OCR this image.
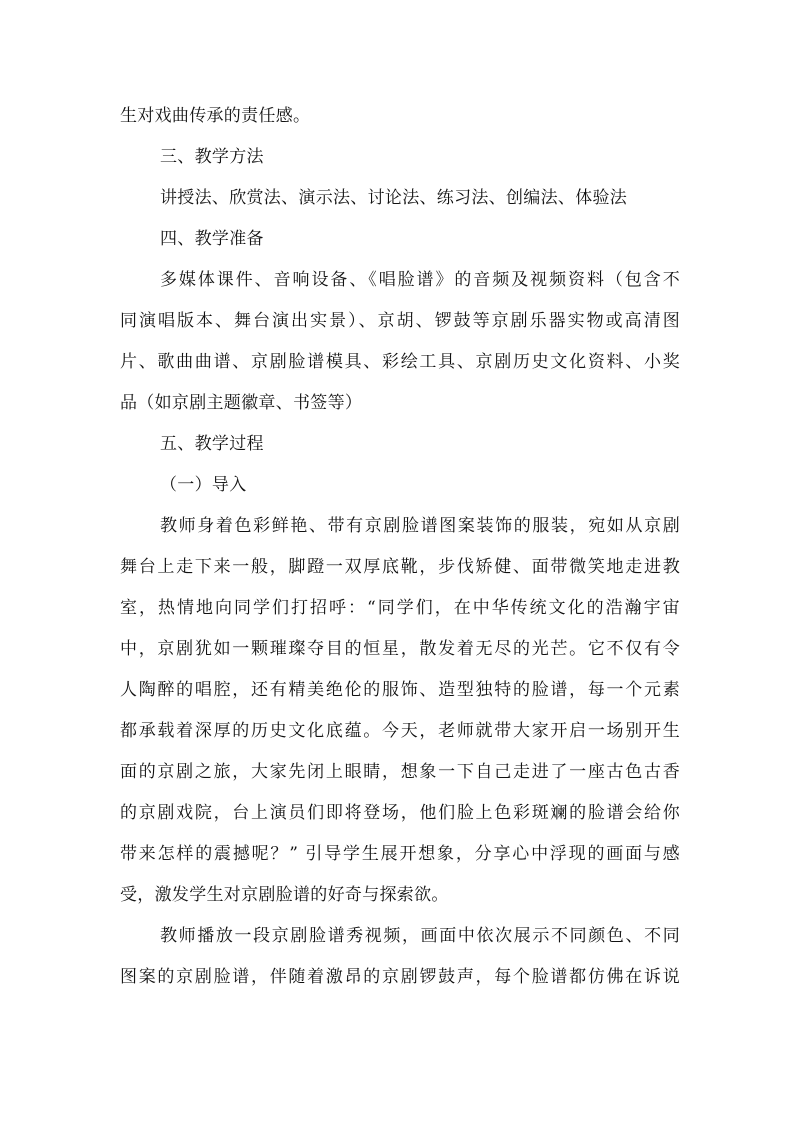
生对戏曲传承的责任感。
三、教学方法
讲授法、欣赏法、演示法、讨论法、练习法、创编法、体验法
四、教学准备
多媒体课件、音响设备、《唱脸谱》的音频及视频资料（包含不
同演唱版本、舞台演出实景）、京胡、锣鼓等京剧乐器实物或高清图
片、歌曲曲谱、京剧脸谱模具、彩绘工具、京剧历史文化资料、小奖
品（如京剧主题徽章、书签等）
五、教学过程
（一）导入
教师身着色彩鲜艳、带有京剧脸谱图案装饰的服装，宛如从京剧
舞台上走下来一般，脚蹬一双厚底靴，步伐矫健、面带微笑地走进教
室，热情地向同学们打招呼：“同学们，在中华传统文化的浩瀚宇宙
中，京剧犹如一颗璀璨夺目的恒星，散发着无尽的光芒。它不仅有令
人陶醉的唱腔，还有精美绝伦的服饰、造型独特的脸谱，每一个元素
都承载着深厚的历史文化底蕴。今天，老师就带大家开启一场别开生
面的京剧之旅，大家先闭上眼睛，想象一下自己走进了一座古色古香
的京剧戏院，台上演员们即将登场，他们脸上色彩斑斓的脸谱会给你
带来怎样的震撼呢？” 引导学生展开想象，分享心中浮现的画面与感
受，激发学生对京剧脸谱的好奇与探索欲。
教师播放一段京剧脸谱秀视频，画面中依次展示不同颜色、不同
图案的京剧脸谱，伴随着激昂的京剧锣鼓声，每个脸谱都仿佛在诉说
